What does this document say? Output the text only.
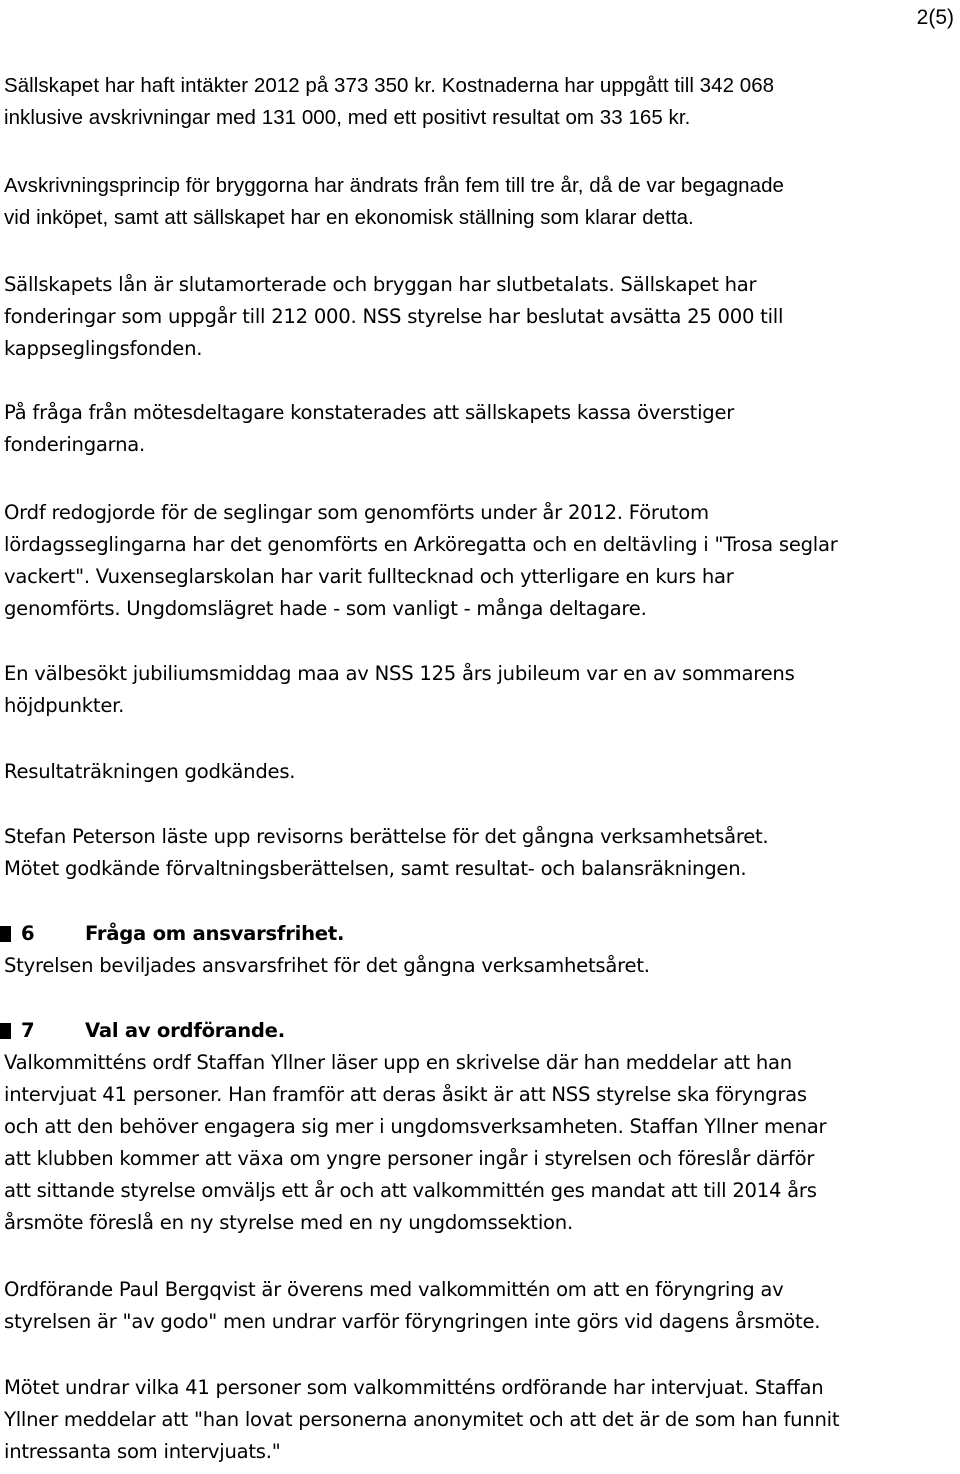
2(5)

Sällskapet har haft intäkter 2012 på 373 350 kr. Kostnaderna har uppgått till 342 068

inklusive avskrivningar med 131 000, med ett positivt resultat om 33 165 kr.

Avskrivningsprincip för bryggorna har ändrats från fem till tre år, då de var begagnade

vid inköpet, samt att sällskapet har en ekonomisk ställning som klarar detta.

Sällskapets lån är slutamorterade och bryggan har slutbetalats. Sällskapet har

fonderingar som uppgår till 212 000. NSS styrelse har beslutat avsätta 25 000 till

kappseglingsfonden.

På fråga från mötesdeltagare konstaterades att sällskapets kassa överstiger

fonderingarna.

Ordf redogjorde för de seglingar som genomförts under år 2012. Förutom

lördagsseglingarna har det genomförts en Arköregatta och en deltävling i "Trosa seglar

vackert". Vuxenseglarskolan har varit fulltecknad och ytterligare en kurs har

genomförts. Ungdomslägret hade - som vanligt - många deltagare.

En välbesökt jubiliumsmiddag maa av NSS 125 års jubileum var en av sommarens

höjdpunkter.

Resultaträkningen godkändes.

Stefan Peterson läste upp revisorns berättelse för det gångna verksamhetsåret.

Mötet godkände förvaltningsberättelsen, samt resultat- och balansräkningen.

6	Fråga om ansvarsfrihet.

Styrelsen beviljades ansvarsfrihet för det gångna verksamhetsåret.

7	Val av ordförande.

Valkommitténs ordf Staffan Yllner läser upp en skrivelse där han meddelar att han

intervjuat 41 personer. Han framför att deras åsikt är att NSS styrelse ska föryngras

och att den behöver engagera sig mer i ungdomsverksamheten. Staffan Yllner menar

att klubben kommer att växa om yngre personer ingår i styrelsen och föreslår därför

att sittande styrelse omväljs ett år och att valkommittén ges mandat att till 2014 års

årsmöte föreslå en ny styrelse med en ny ungdomssektion.

Ordförande Paul Bergqvist är överens med valkommittén om att en föryngring av

styrelsen är "av godo" men undrar varför föryngringen inte görs vid dagens årsmöte.

Mötet undrar vilka 41 personer som valkommitténs ordförande har intervjuat. Staffan

Yllner meddelar att "han lovat personerna anonymitet och att det är de som han funnit

intressanta som intervjuats."
